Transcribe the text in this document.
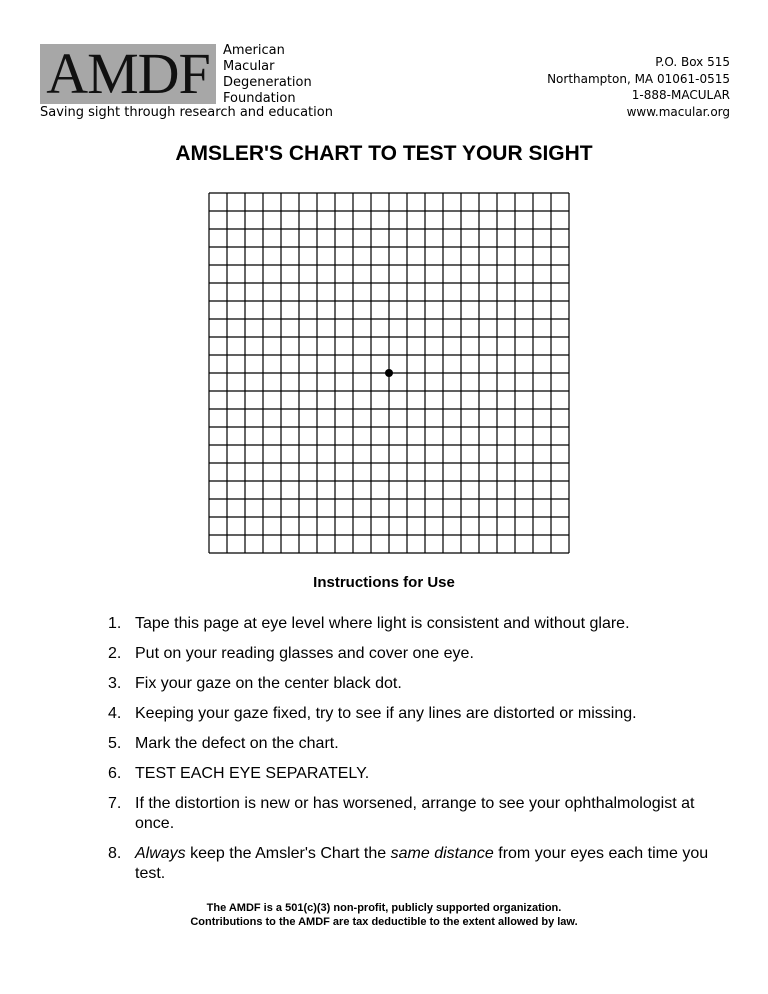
AMDF	American
Macular
Degeneration
Foundation
Saving sight through research and education
P.O. Box 515
Northampton, MA 01061-0515
1-888-MACULAR
www.macular.org
AMSLER'S CHART TO TEST YOUR SIGHT
Instructions for Use
1. Tape this page at eye level where light is consistent and without glare.
2. Put on your reading glasses and cover one eye.
3. Fix your gaze on the center black dot.
4. Keeping your gaze fixed, try to see if any lines are distorted or missing.
5. Mark the defect on the chart.
6. TEST EACH EYE SEPARATELY.
7. If the distortion is new or has worsened, arrange to see your ophthalmologist at once.
8. Always keep the Amsler's Chart the same distance from your eyes each time you test.
The AMDF is a 501(c)(3) non-profit, publicly supported organization.
Contributions to the AMDF are tax deductible to the extent allowed by law.
